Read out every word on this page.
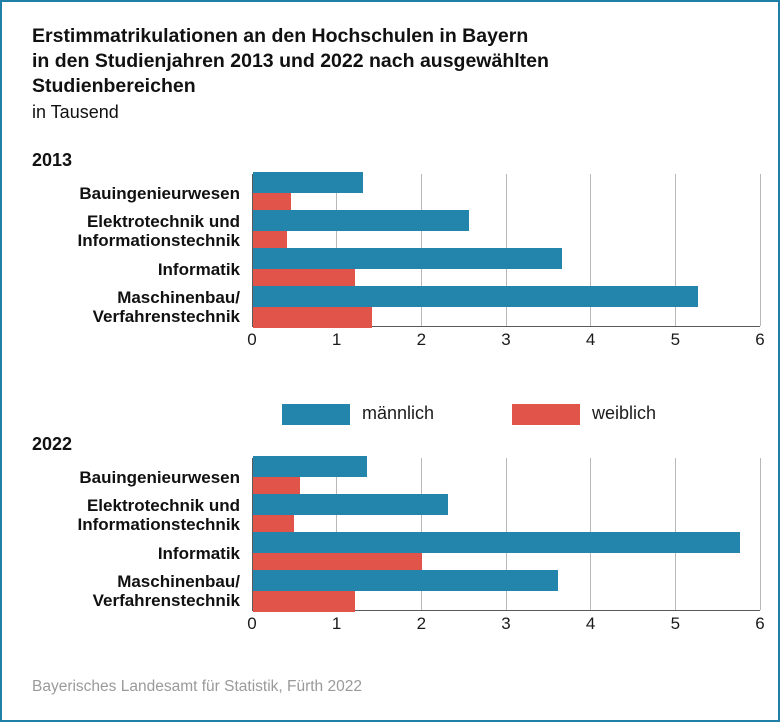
Erstimmatrikulationen an den Hochschulen in Bayern
in den Studienjahren 2013 und 2022 nach ausgewählten
Studienbereichen
in Tausend
2013
0	1	2	3	4	5	6
Bauingenieurwesen
Elektrotechnik und
Informationstechnik
Informatik
Maschinenbau/
Verfahrenstechnik
männlich	weiblich
2022
0	1	2	3	4	5	6
Bauingenieurwesen
Elektrotechnik und
Informationstechnik
Informatik
Maschinenbau/
Verfahrenstechnik
Bayerisches Landesamt für Statistik, Fürth 2022
